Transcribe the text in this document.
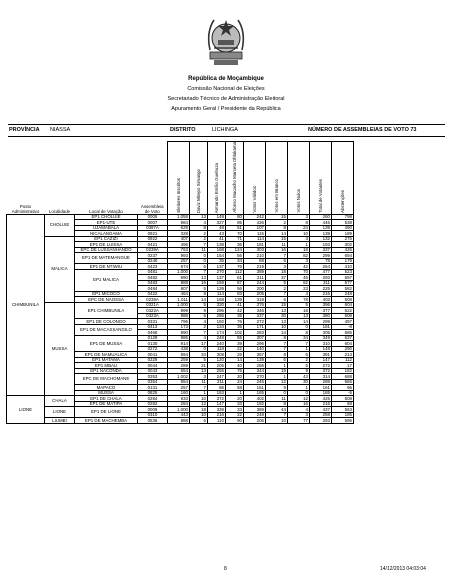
República de Moçambique
Comissão Nacional de Eleições
Secretariado Técnico de Administração Eleitoral
Apuramento Geral / Presidente da República
PROVÍNCIA NIASSA	DISTRITO	LICHINGA	NÚMERO DE ASSEMBLEIAS DE VOTO 73
Posto Administrativo	Localidade	Local de Votação	Assembleia de Voto	Eleitores Inscritos	Daviz Mbepo Simango	Armando Emílio Guebuza	Afonso Macacho Marceta Dhlakama	Votos Válidos	Votos em Branco	Votos Nulos	Total de Votantes	Abstenções
CHIMBUNILA	CHOLUIE	EP1 CHOLUIE	0005	1.058	13	149	80	242	15	3	260	798
		EP1-UTE	0007	984	4	327	95	426	2	8	446	538
		UJAMABALA	0397A	629	8	48	51	107	8	24	139	490
		NICALANGAMA	0921	328	2	43	70	115	14	10	139	189
	MALICA	EP1 CAZIZI	0922	407	2	41	71	114	15	3	132	275
		EP1 DE LUISSA	0421	495	7	138	36	181	11	1	193	302
		EPC DE LUSSANHANDO	0239A	763	11	168	124	303	16	18	337	426
		EP1 DE MATEMANGUE	0237	993	0	154	56	210	7	82	299	694
			0240	257	0	35	34	69	6	3	78	179
		EP1 DE NTIWIU	0423	674	6	137	76	219	3	42	264	410
		EP1 MALICA	0481	1.000	7	270	112	389	18	70	477	523
			0482	990	13	137	61	211	37	45	293	697
			0483	888	16	159	67	244	5	62	311	577
			0484	807	5	139	56	200	2	23	225	582
		EP1 MICOCO	0422	464	8	114	83	205	7	4	216	248
		EPC DE NAOSSA	0239A	1.011	14	168	139	319	6	78	403	608
	MUSSA	EP1 CHIMBUNILA	0321A	1.000	5	330	41	376	15	5	396	604
			0322A	999	9	296	42	346	13	18	377	622
			0323A	988	6	286	35	337	30	13	380	608
		EP1 DE COLONGO	0331	796	4	192	76	272	13	14	299	497
		EP1 DE MACASSANGILO	0413	173	2	134	35	171	10	0	181	-8
			0466	990	7	174	102	283	14	8	305	685
		EP1 DE MUSSA	0129	986	4	248	55	307	8	34	349	637
			0130	914	17	240	39	296	7	7	310	604
			0272	438	0	118	22	140	7	1	148	290
		EP1 DE NAMUALICA	0041	594	33	308	26	367	8	6	381	213
		EP1 MATAMA	0329	259	5	120	14	139	6	2	147	112
		EP1 MBAU	0044	289	21	205	40	266	1	5	272	17
		EP1 NACONDA	0043	554	13	255	76	344	19	9	372	182
		EPC DE MACHOMANE	0353	1.002	3	247	20	270	1	43	314	688
			0354	954	11	211	24	246	12	30	288	666
		MAPACO	0131	257	7	86	58	151	9	1	161	96
		MUSSA	0825	160	1	163	1	165	0	0	165	-5
LIONE	CHALA	EP1 DE CHALA	0284	933	10	372	20	402	11	12	425	508
		EP1 DE MATIPA	0282	284	12	147	33	192	8	16	216	68
	LIONE	EP1 DE LIONE	0009	1.000	18	338	33	389	44	4	437	563
			0310	443	10	216	22	248	7	3	258	185
	LIUMBI	EP1 DE MACHEMBA	0536	888	6	110	90	206	10	77	293	595
8	14/12/2013 04:03:04
